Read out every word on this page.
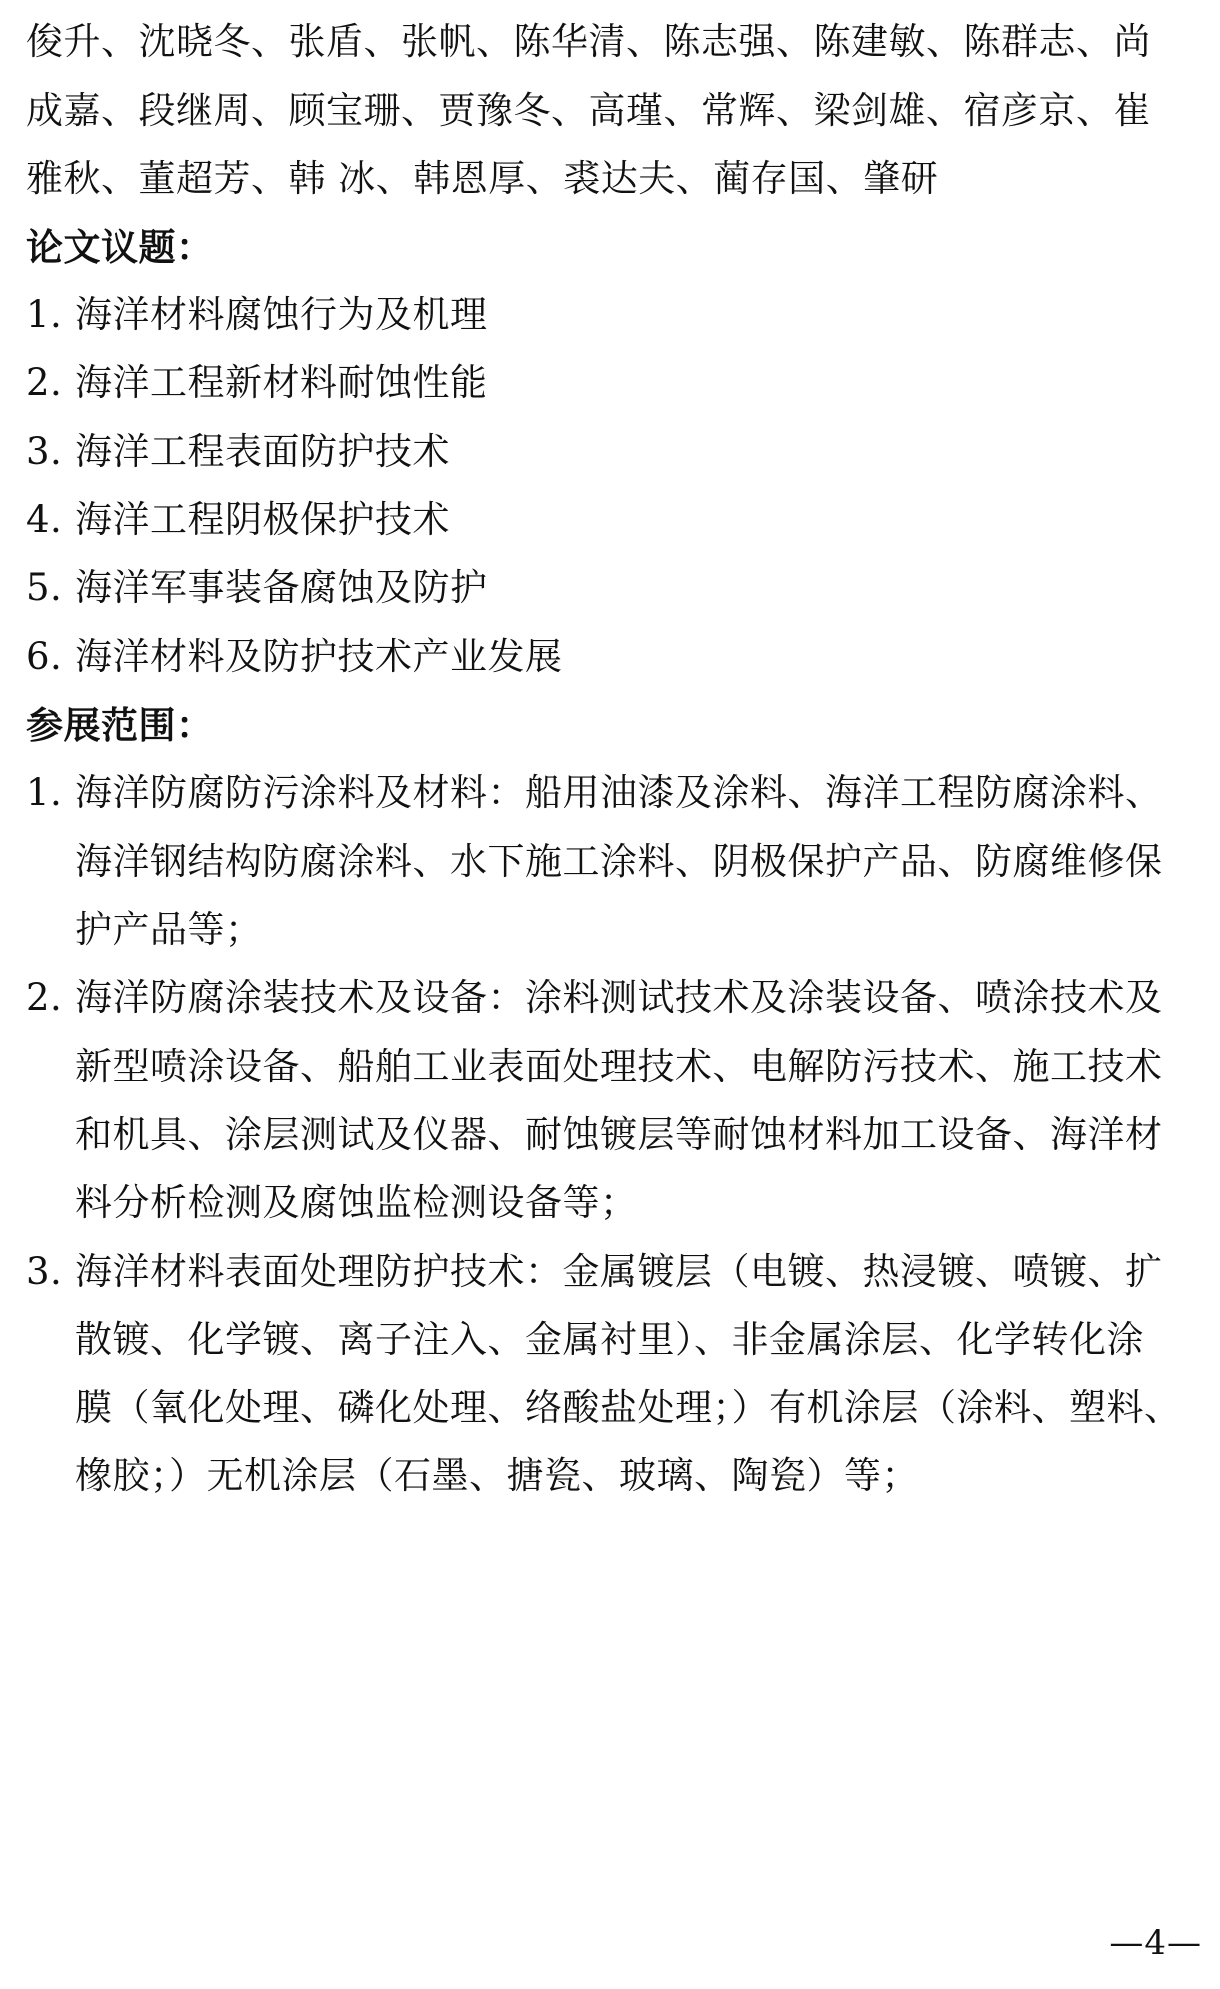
俊升、沈晓冬、张盾、张帆、陈华清、陈志强、陈建敏、陈群志、尚
成嘉、段继周、顾宝珊、贾豫冬、高瑾、常辉、梁剑雄、宿彦京、崔
雅秋、董超芳、韩 冰、韩恩厚、裘达夫、蔺存国、肇研
论文议题：
1. 海洋材料腐蚀行为及机理
2. 海洋工程新材料耐蚀性能
3. 海洋工程表面防护技术
4. 海洋工程阴极保护技术
5. 海洋军事装备腐蚀及防护
6. 海洋材料及防护技术产业发展
参展范围：
1. 海洋防腐防污涂料及材料：船用油漆及涂料、海洋工程防腐涂料、
海洋钢结构防腐涂料、水下施工涂料、阴极保护产品、防腐维修保
护产品等；
2. 海洋防腐涂装技术及设备：涂料测试技术及涂装设备、喷涂技术及
新型喷涂设备、船舶工业表面处理技术、电解防污技术、施工技术
和机具、涂层测试及仪器、耐蚀镀层等耐蚀材料加工设备、海洋材
料分析检测及腐蚀监检测设备等；
3. 海洋材料表面处理防护技术：金属镀层（电镀、热浸镀、喷镀、扩
散镀、化学镀、离子注入、金属衬里）、非金属涂层、化学转化涂
膜（氧化处理、磷化处理、络酸盐处理；）有机涂层（涂料、塑料、
橡胶；）无机涂层（石墨、搪瓷、玻璃、陶瓷）等；
—4—
